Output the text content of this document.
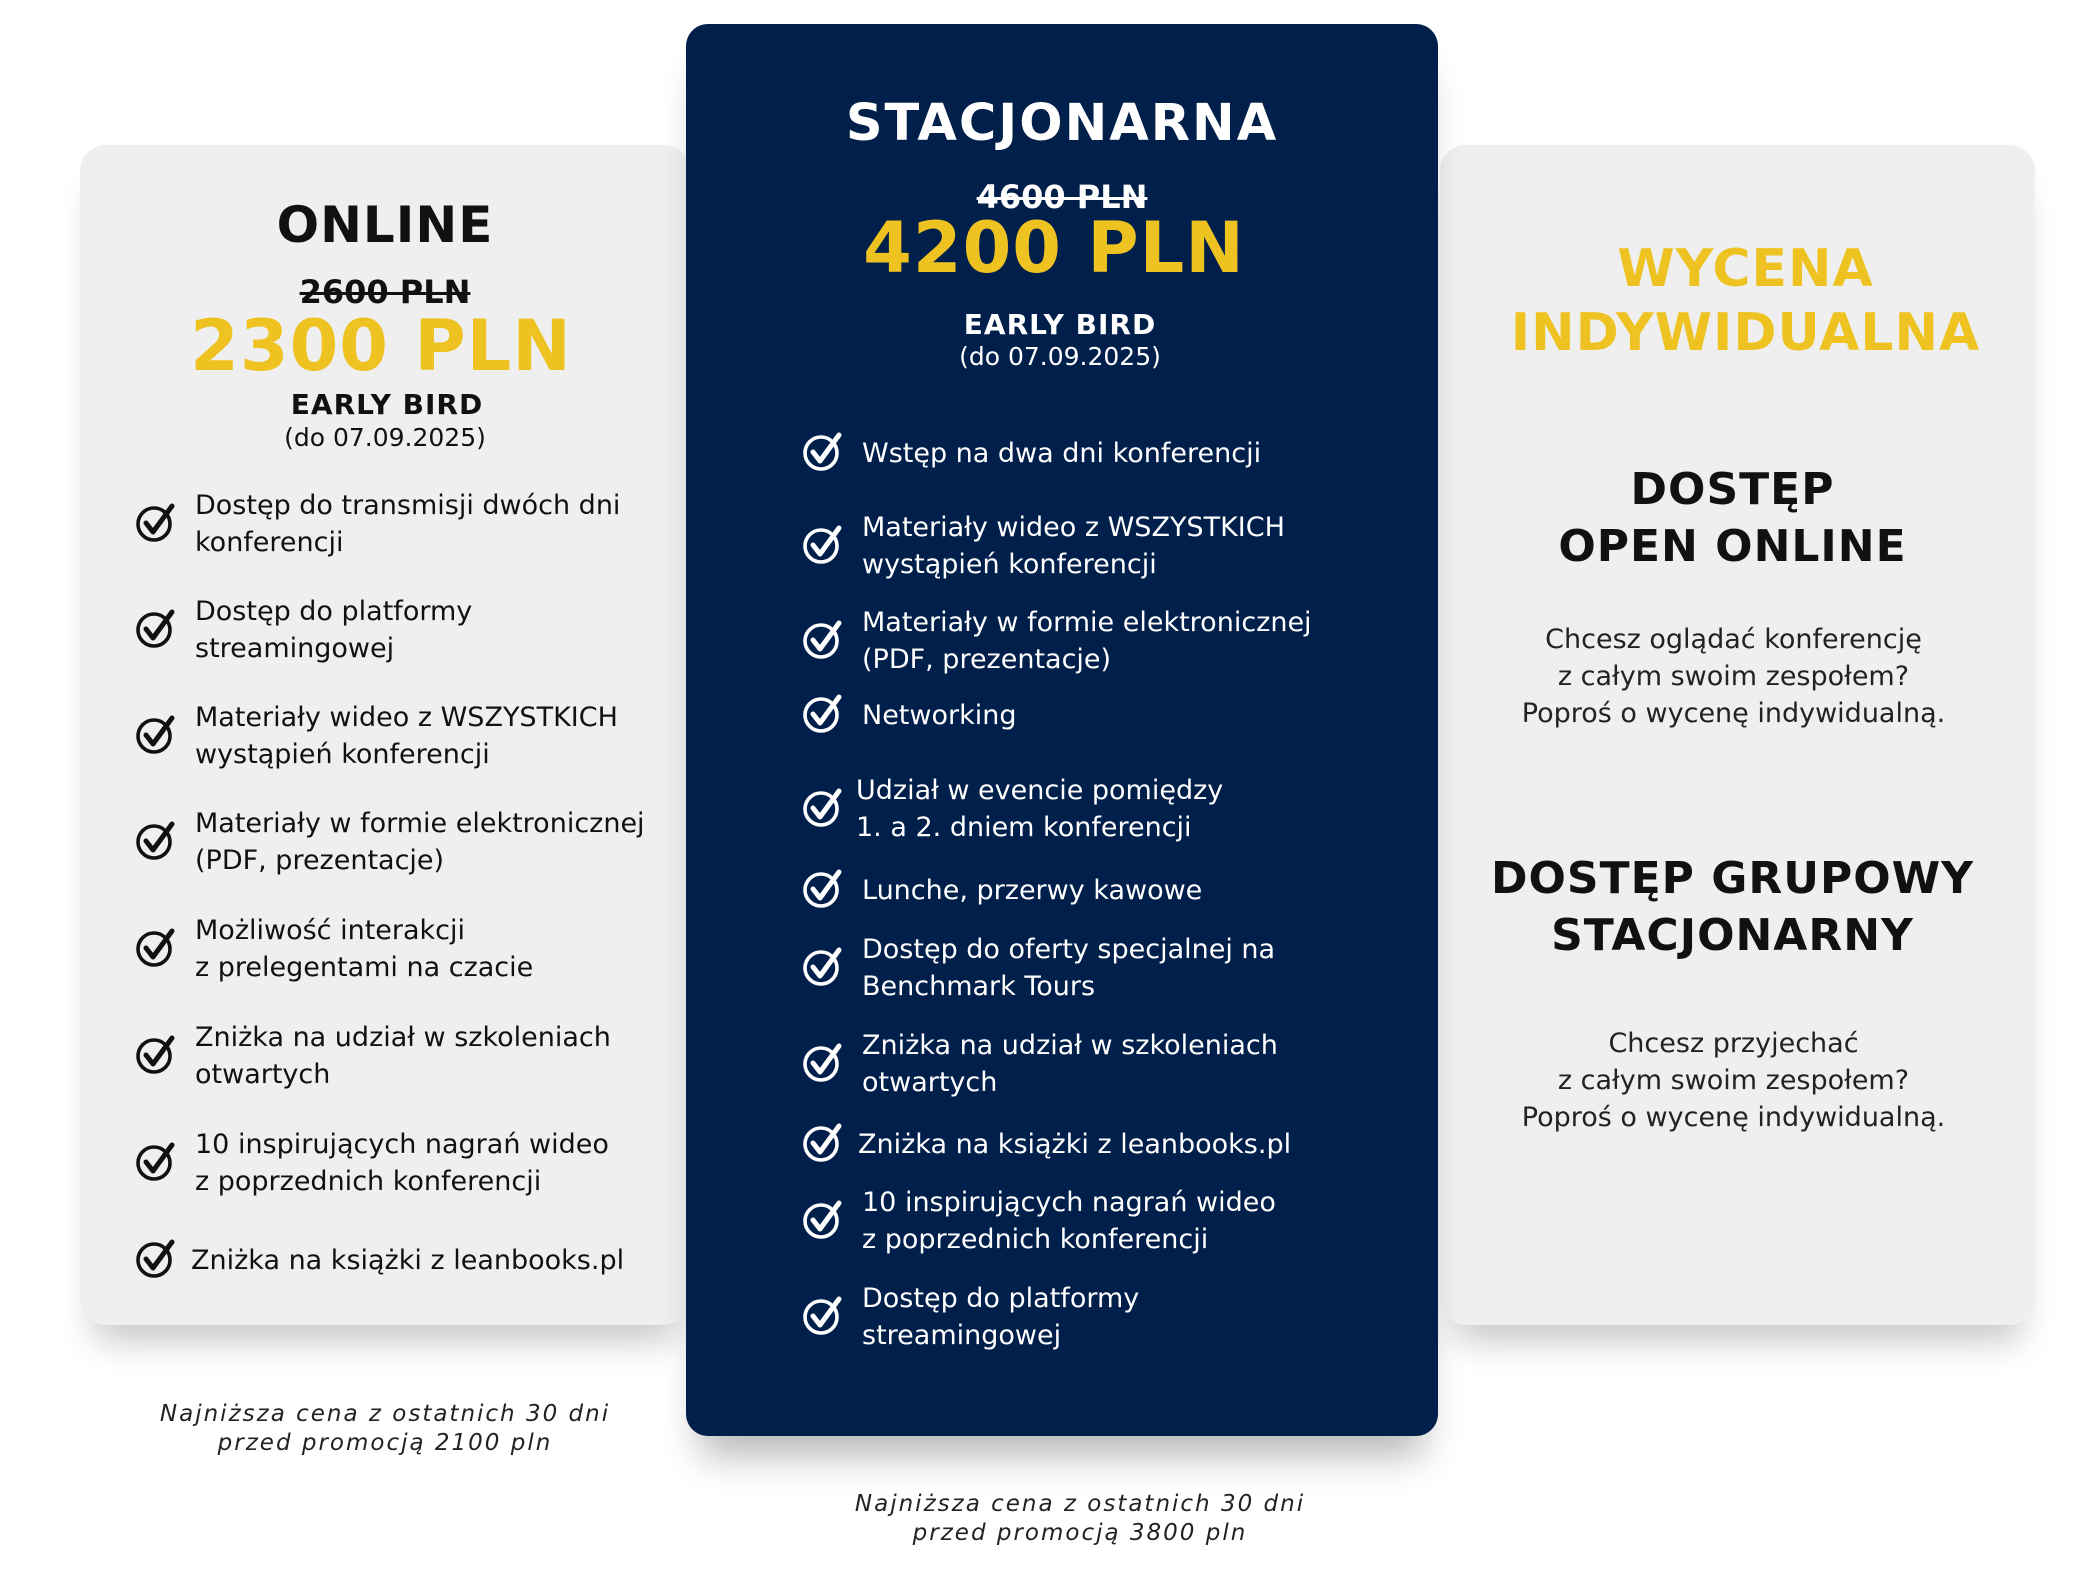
ONLINE
2600 PLN
2300 PLN
EARLY BIRD
(do 07.09.2025)
Dostęp do transmisji dwóch dni
konferencji
Dostęp do platformy
streamingowej
Materiały wideo z WSZYSTKICH
wystąpień konferencji
Materiały w formie elektronicznej
(PDF, prezentacje)
Możliwość interakcji
z prelegentami na czacie
Zniżka na udział w szkoleniach
otwartych
10 inspirujących nagrań wideo
z poprzednich konferencji
Zniżka na książki z leanbooks.pl
STACJONARNA
4600 PLN
4200 PLN
EARLY BIRD
(do 07.09.2025)
Wstęp na dwa dni konferencji
Materiały wideo z WSZYSTKICH
wystąpień konferencji
Materiały w formie elektronicznej
(PDF, prezentacje)
Networking
Udział w evencie pomiędzy
1. a 2. dniem konferencji
Lunche, przerwy kawowe
Dostęp do oferty specjalnej na
Benchmark Tours
Zniżka na udział w szkoleniach
otwartych
Zniżka na książki z leanbooks.pl
10 inspirujących nagrań wideo
z poprzednich konferencji
Dostęp do platformy
streamingowej
WYCENA
INDYWIDUALNA
DOSTĘP
OPEN ONLINE
Chcesz oglądać konferencję
z całym swoim zespołem?
Poproś o wycenę indywidualną.
DOSTĘP GRUPOWY
STACJONARNY
Chcesz przyjechać
z całym swoim zespołem?
Poproś o wycenę indywidualną.
Najniższa cena z ostatnich 30 dni
przed promocją 2100 pln
Najniższa cena z ostatnich 30 dni
przed promocją 3800 pln
